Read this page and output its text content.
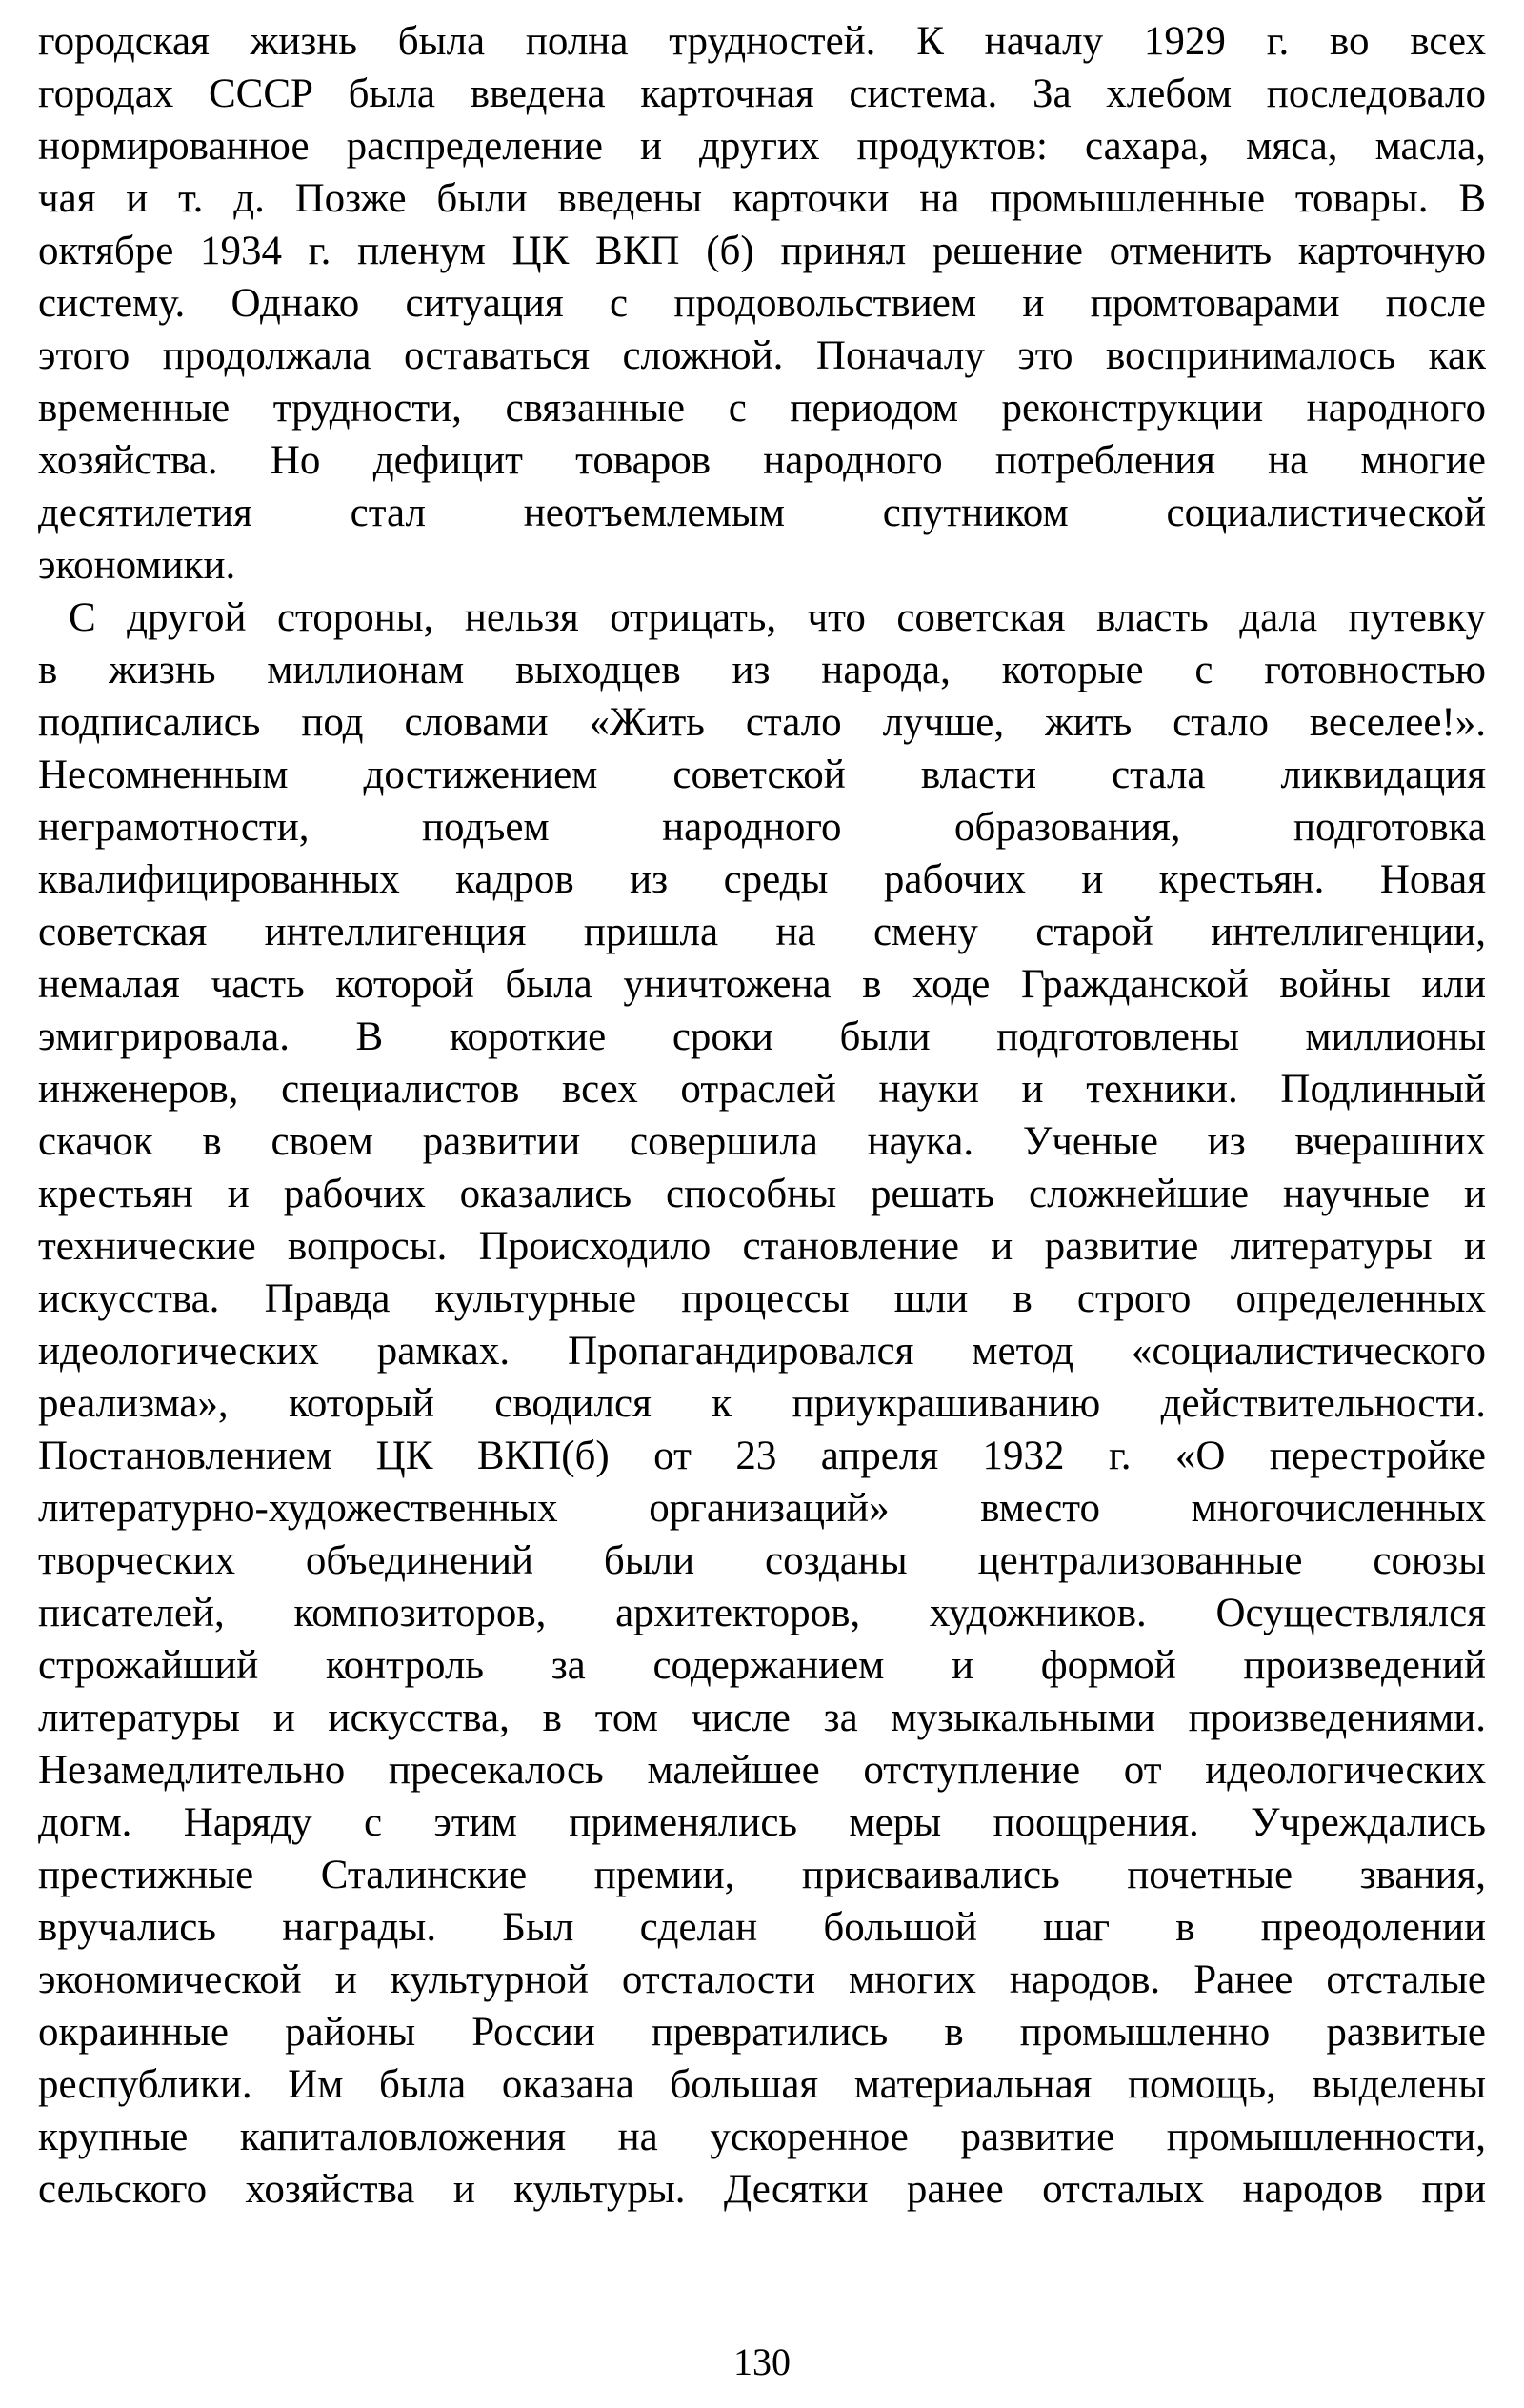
городская жизнь была полна трудностей. К началу 1929 г. во всех
городах СССР была введена карточная система. За хлебом последовало
нормированное распределение и других продуктов: сахара, мяса, масла,
чая и т. д. Позже были введены карточки на промышленные товары. В
октябре 1934 г. пленум ЦК ВКП (б) принял решение отменить карточную
систему. Однако ситуация с продовольствием и промтоварами после
этого продолжала оставаться сложной. Поначалу это воспринималось как
временные трудности, связанные с периодом реконструкции народного
хозяйства. Но дефицит товаров народного потребления на многие
десятилетия стал неотъемлемым спутником социалистической
экономики.
С другой стороны, нельзя отрицать, что советская власть дала путевку
в жизнь миллионам выходцев из народа, которые с готовностью
подписались под словами «Жить стало лучше, жить стало веселее!».
Несомненным достижением советской власти стала ликвидация
неграмотности, подъем народного образования, подготовка
квалифицированных кадров из среды рабочих и крестьян. Новая
советская интеллигенция пришла на смену старой интеллигенции,
немалая часть которой была уничтожена в ходе Гражданской войны или
эмигрировала. В короткие сроки были подготовлены миллионы
инженеров, специалистов всех отраслей науки и техники. Подлинный
скачок в своем развитии совершила наука. Ученые из вчерашних
крестьян и рабочих оказались способны решать сложнейшие научные и
технические вопросы. Происходило становление и развитие литературы и
искусства. Правда культурные процессы шли в строго определенных
идеологических рамках. Пропагандировался метод «социалистического
реализма», который сводился к приукрашиванию действительности.
Постановлением ЦК ВКП(б) от 23 апреля 1932 г. «О перестройке
литературно-художественных организаций» вместо многочисленных
творческих объединений были созданы централизованные союзы
писателей, композиторов, архитекторов, художников. Осуществлялся
строжайший контроль за содержанием и формой произведений
литературы и искусства, в том числе за музыкальными произведениями.
Незамедлительно пресекалось малейшее отступление от идеологических
догм. Наряду с этим применялись меры поощрения. Учреждались
престижные Сталинские премии, присваивались почетные звания,
вручались награды. Был сделан большой шаг в преодолении
экономической и культурной отсталости многих народов. Ранее отсталые
окраинные районы России превратились в промышленно развитые
республики. Им была оказана большая материальная помощь, выделены
крупные капиталовложения на ускоренное развитие промышленности,
сельского хозяйства и культуры. Десятки ранее отсталых народов при
130
